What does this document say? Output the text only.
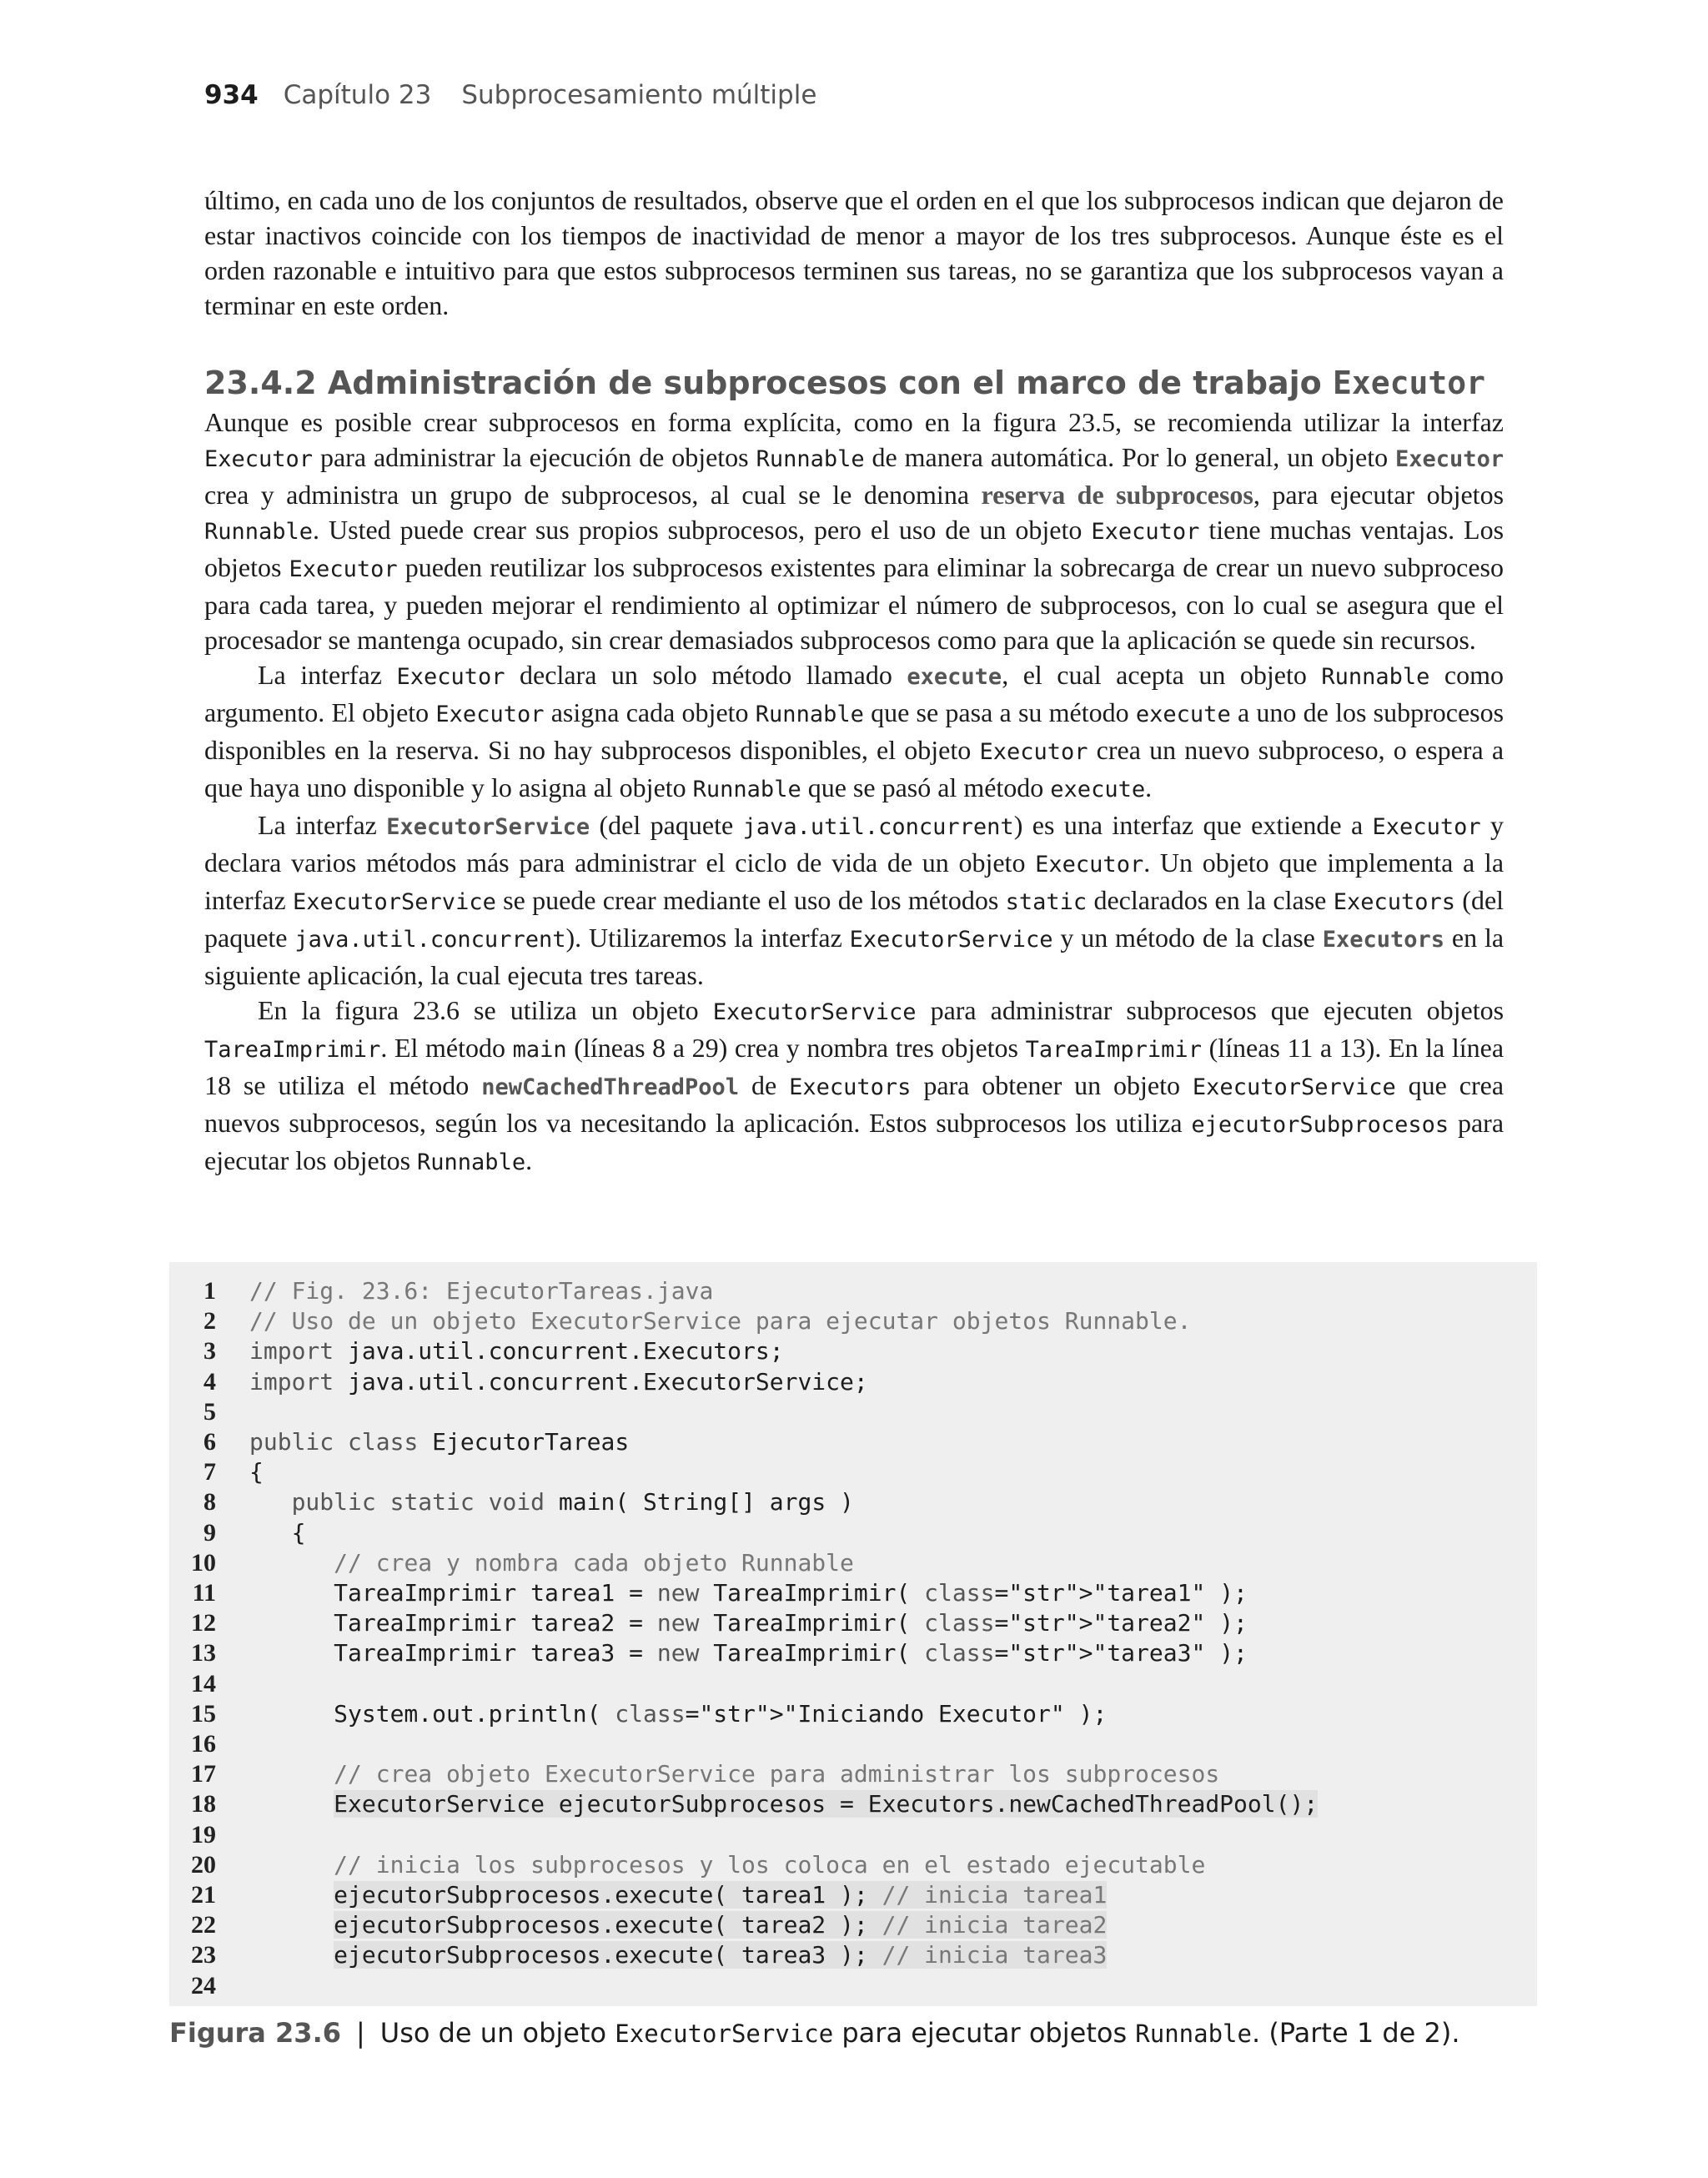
934 Capítulo 23 Subprocesamiento múltiple

último, en cada uno de los conjuntos de resultados, observe que el orden en el que los subprocesos indican que dejaron de estar inactivos coincide con los tiempos de inactividad de menor a mayor de los tres subprocesos. Aunque éste es el orden razonable e intuitivo para que estos subprocesos terminen sus tareas, no se garantiza que los subprocesos vayan a terminar en este orden.

23.4.2 Administración de subprocesos con el marco de trabajo Executor

Aunque es posible crear subprocesos en forma explícita, como en la figura 23.5, se recomienda utilizar la interfaz Executor para administrar la ejecución de objetos Runnable de manera automática. Por lo general, un objeto Executor crea y administra un grupo de subprocesos, al cual se le denomina reserva de subprocesos, para ejecutar objetos Runnable. Usted puede crear sus propios subprocesos, pero el uso de un objeto Executor tiene muchas ventajas. Los objetos Executor pueden reutilizar los subprocesos existentes para eliminar la sobrecarga de crear un nuevo subproceso para cada tarea, y pueden mejorar el rendimiento al optimizar el número de subprocesos, con lo cual se asegura que el procesador se mantenga ocupado, sin crear demasiados subprocesos como para que la aplicación se quede sin recursos.

La interfaz Executor declara un solo método llamado execute, el cual acepta un objeto Runnable como argumento. El objeto Executor asigna cada objeto Runnable que se pasa a su método execute a uno de los subprocesos disponibles en la reserva. Si no hay subprocesos disponibles, el objeto Executor crea un nuevo subproceso, o espera a que haya uno disponible y lo asigna al objeto Runnable que se pasó al método execute.

La interfaz ExecutorService (del paquete java.util.concurrent) es una interfaz que extiende a Executor y declara varios métodos más para administrar el ciclo de vida de un objeto Executor. Un objeto que implementa a la interfaz ExecutorService se puede crear mediante el uso de los métodos static declarados en la clase Executors (del paquete java.util.concurrent). Utilizaremos la interfaz ExecutorService y un método de la clase Executors en la siguiente aplicación, la cual ejecuta tres tareas.

En la figura 23.6 se utiliza un objeto ExecutorService para administrar subprocesos que ejecuten objetos TareaImprimir. El método main (líneas 8 a 29) crea y nombra tres objetos TareaImprimir (líneas 11 a 13). En la línea 18 se utiliza el método newCachedThreadPool de Executors para obtener un objeto ExecutorService que crea nuevos subprocesos, según los va necesitando la aplicación. Estos subprocesos los utiliza ejecutorSubprocesos para ejecutar los objetos Runnable.

1 // Fig. 23.6: EjecutorTareas.java
2 // Uso de un objeto ExecutorService para ejecutar objetos Runnable.
3 import java.util.concurrent.Executors;
4 import java.util.concurrent.ExecutorService;
5
6 public class EjecutorTareas
7 {
8	public static void main( String[] args )
9 {
10	// crea y nombra cada objeto Runnable
11 TareaImprimir tarea1 = new TareaImprimir( class="str">"tarea1" );
12 TareaImprimir tarea2 = new TareaImprimir( class="str">"tarea2" );
13 TareaImprimir tarea3 = new TareaImprimir( class="str">"tarea3" );
14
15 System.out.println( class="str">"Iniciando Executor" );
16
17	// crea objeto ExecutorService para administrar los subprocesos
18	ExecutorService ejecutorSubprocesos = Executors.newCachedThreadPool();
19
20	// inicia los subprocesos y los coloca en el estado ejecutable
21	ejecutorSubprocesos.execute( tarea1 ); // inicia tarea1
22	ejecutorSubprocesos.execute( tarea2 ); // inicia tarea2
23	ejecutorSubprocesos.execute( tarea3 ); // inicia tarea3
24
Figura 23.6 | Uso de un objeto ExecutorService para ejecutar objetos Runnable. (Parte 1 de 2).
